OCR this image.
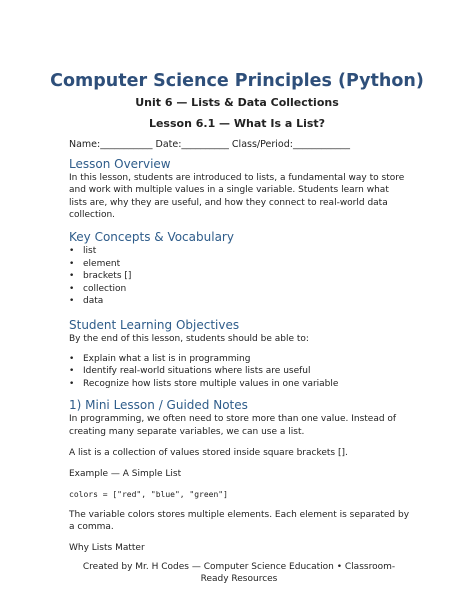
Computer Science Principles (Python)
Unit 6 — Lists & Data Collections
Lesson 6.1 — What Is a List?
Name:___________ Date:__________ Class/Period:____________
Lesson Overview

In this lesson, students are introduced to lists, a fundamental way to store and work with multiple values in a single variable. Students learn what lists are, why they are useful, and how they connect to real-world data collection.

Key Concepts & Vocabulary
• list
• element
• brackets []
• collection
• data
Student Learning Objectives

By the end of this lesson, students should be able to:

• Explain what a list is in programming
• Identify real-world situations where lists are useful
• Recognize how lists store multiple values in one variable
1) Mini Lesson / Guided Notes

In programming, we often need to store more than one value. Instead of creating many separate variables, we can use a list.

A list is a collection of values stored inside square brackets [].

Example — A Simple List

colors = ["red", "blue", "green"]

The variable colors stores multiple elements. Each element is separated by a comma.

Why Lists Matter

Created by Mr. H Codes — Computer Science Education • Classroom-Ready Resources
